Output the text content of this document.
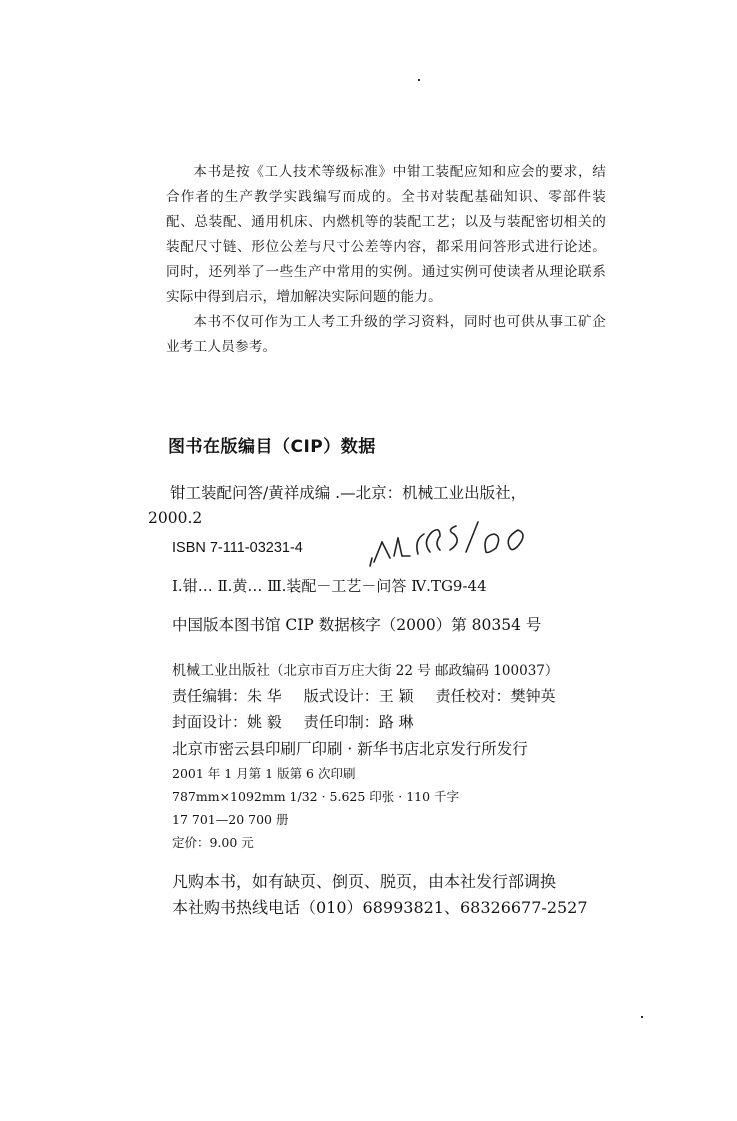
本书是按《工人技术等级标准》中钳工装配应知和应会的要求，结合作者的生产教学实践编写而成的。全书对装配基础知识、零部件装配、总装配、通用机床、内燃机等的装配工艺；以及与装配密切相关的装配尺寸链、形位公差与尺寸公差等内容，都采用问答形式进行论述。同时，还列举了一些生产中常用的实例。通过实例可使读者从理论联系实际中得到启示，增加解决实际问题的能力。

本书不仅可作为工人考工升级的学习资料，同时也可供从事工矿企业考工人员参考。

图书在版编目（CIP）数据
钳工装配问答/黄祥成编 .—北京：机械工业出版社，
2000.2
ISBN 7-111-03231-4
Ⅰ.钳… Ⅱ.黄… Ⅲ.装配－工艺－问答 Ⅳ.TG9-44
中国版本图书馆 CIP 数据核字（2000）第 80354 号
机械工业出版社（北京市百万庄大街 22 号 邮政编码 100037）
责任编辑：朱 华 版式设计：王 颖 责任校对：樊钟英
封面设计：姚 毅 责任印制：路 琳
北京市密云县印刷厂印刷 · 新华书店北京发行所发行
2001 年 1 月第 1 版第 6 次印刷
787mm×1092mm 1/32 · 5.625 印张 · 110 千字
17 701—20 700 册
定价：9.00 元
凡购本书，如有缺页、倒页、脱页，由本社发行部调换
本社购书热线电话（010）68993821、68326677-2527
